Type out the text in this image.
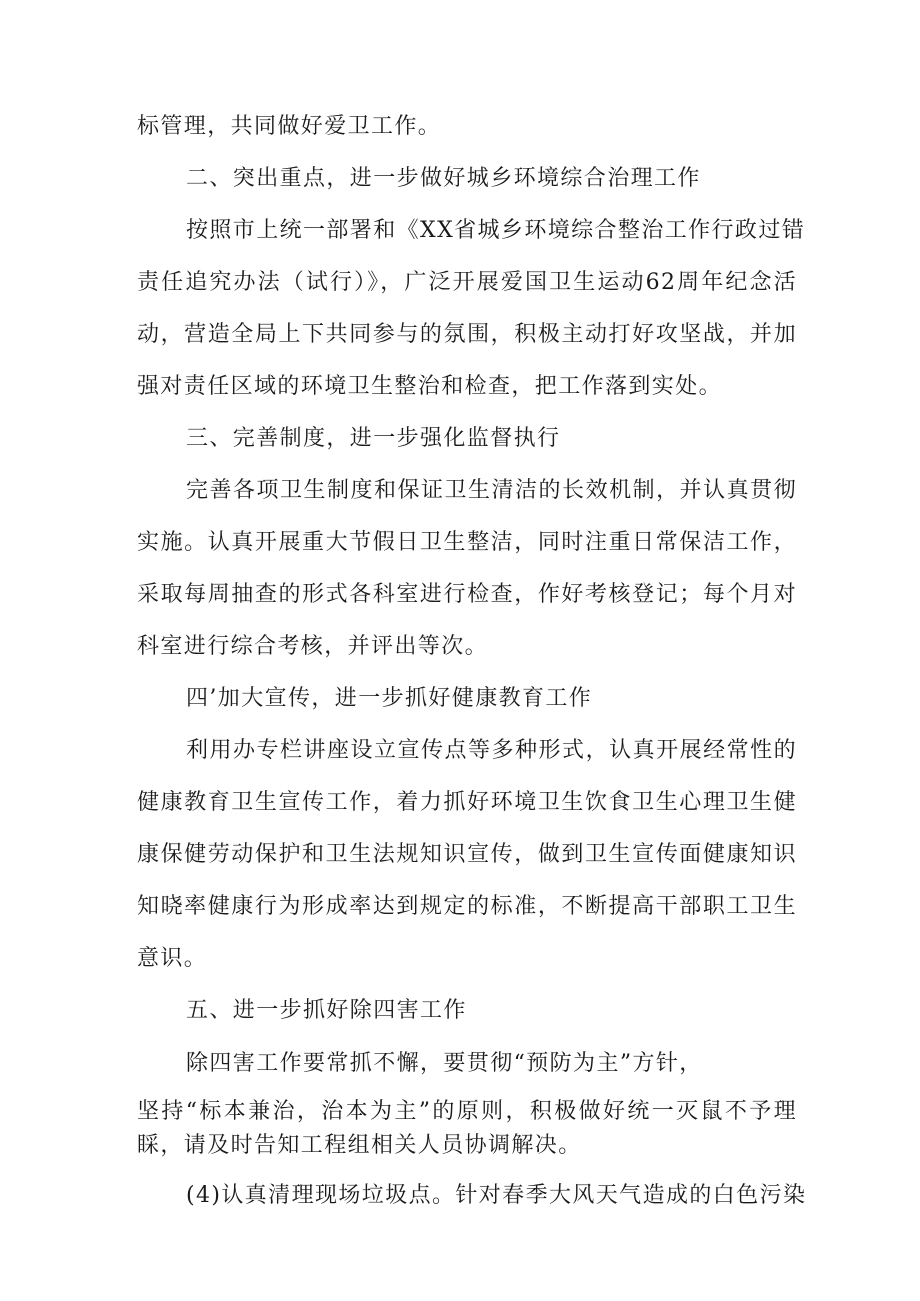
标管理，共同做好爱卫工作。
二、突出重点，进一步做好城乡环境综合治理工作
按照市上统一部署和《XX省城乡环境综合整治工作行政过错
责任追究办法（试行）》，广泛开展爱国卫生运动62周年纪念活
动，营造全局上下共同参与的氛围，积极主动打好攻坚战，并加
强对责任区域的环境卫生整治和检查，把工作落到实处。
三、完善制度，进一步强化监督执行
完善各项卫生制度和保证卫生清洁的长效机制，并认真贯彻
实施。认真开展重大节假日卫生整洁，同时注重日常保洁工作，
采取每周抽查的形式各科室进行检查，作好考核登记；每个月对
科室进行综合考核，并评出等次。
四’加大宣传，进一步抓好健康教育工作
利用办专栏讲座设立宣传点等多种形式，认真开展经常性的
健康教育卫生宣传工作，着力抓好环境卫生饮食卫生心理卫生健
康保健劳动保护和卫生法规知识宣传，做到卫生宣传面健康知识
知晓率健康行为形成率达到规定的标准，不断提高干部职工卫生
意识。
五、进一步抓好除四害工作
除四害工作要常抓不懈，要贯彻“预防为主”方针，
坚持“标本兼治，治本为主”的原则，积极做好统一灭鼠不予理
睬，请及时告知工程组相关人员协调解决。
(4)认真清理现场垃圾点。针对春季大风天气造成的白色污染
